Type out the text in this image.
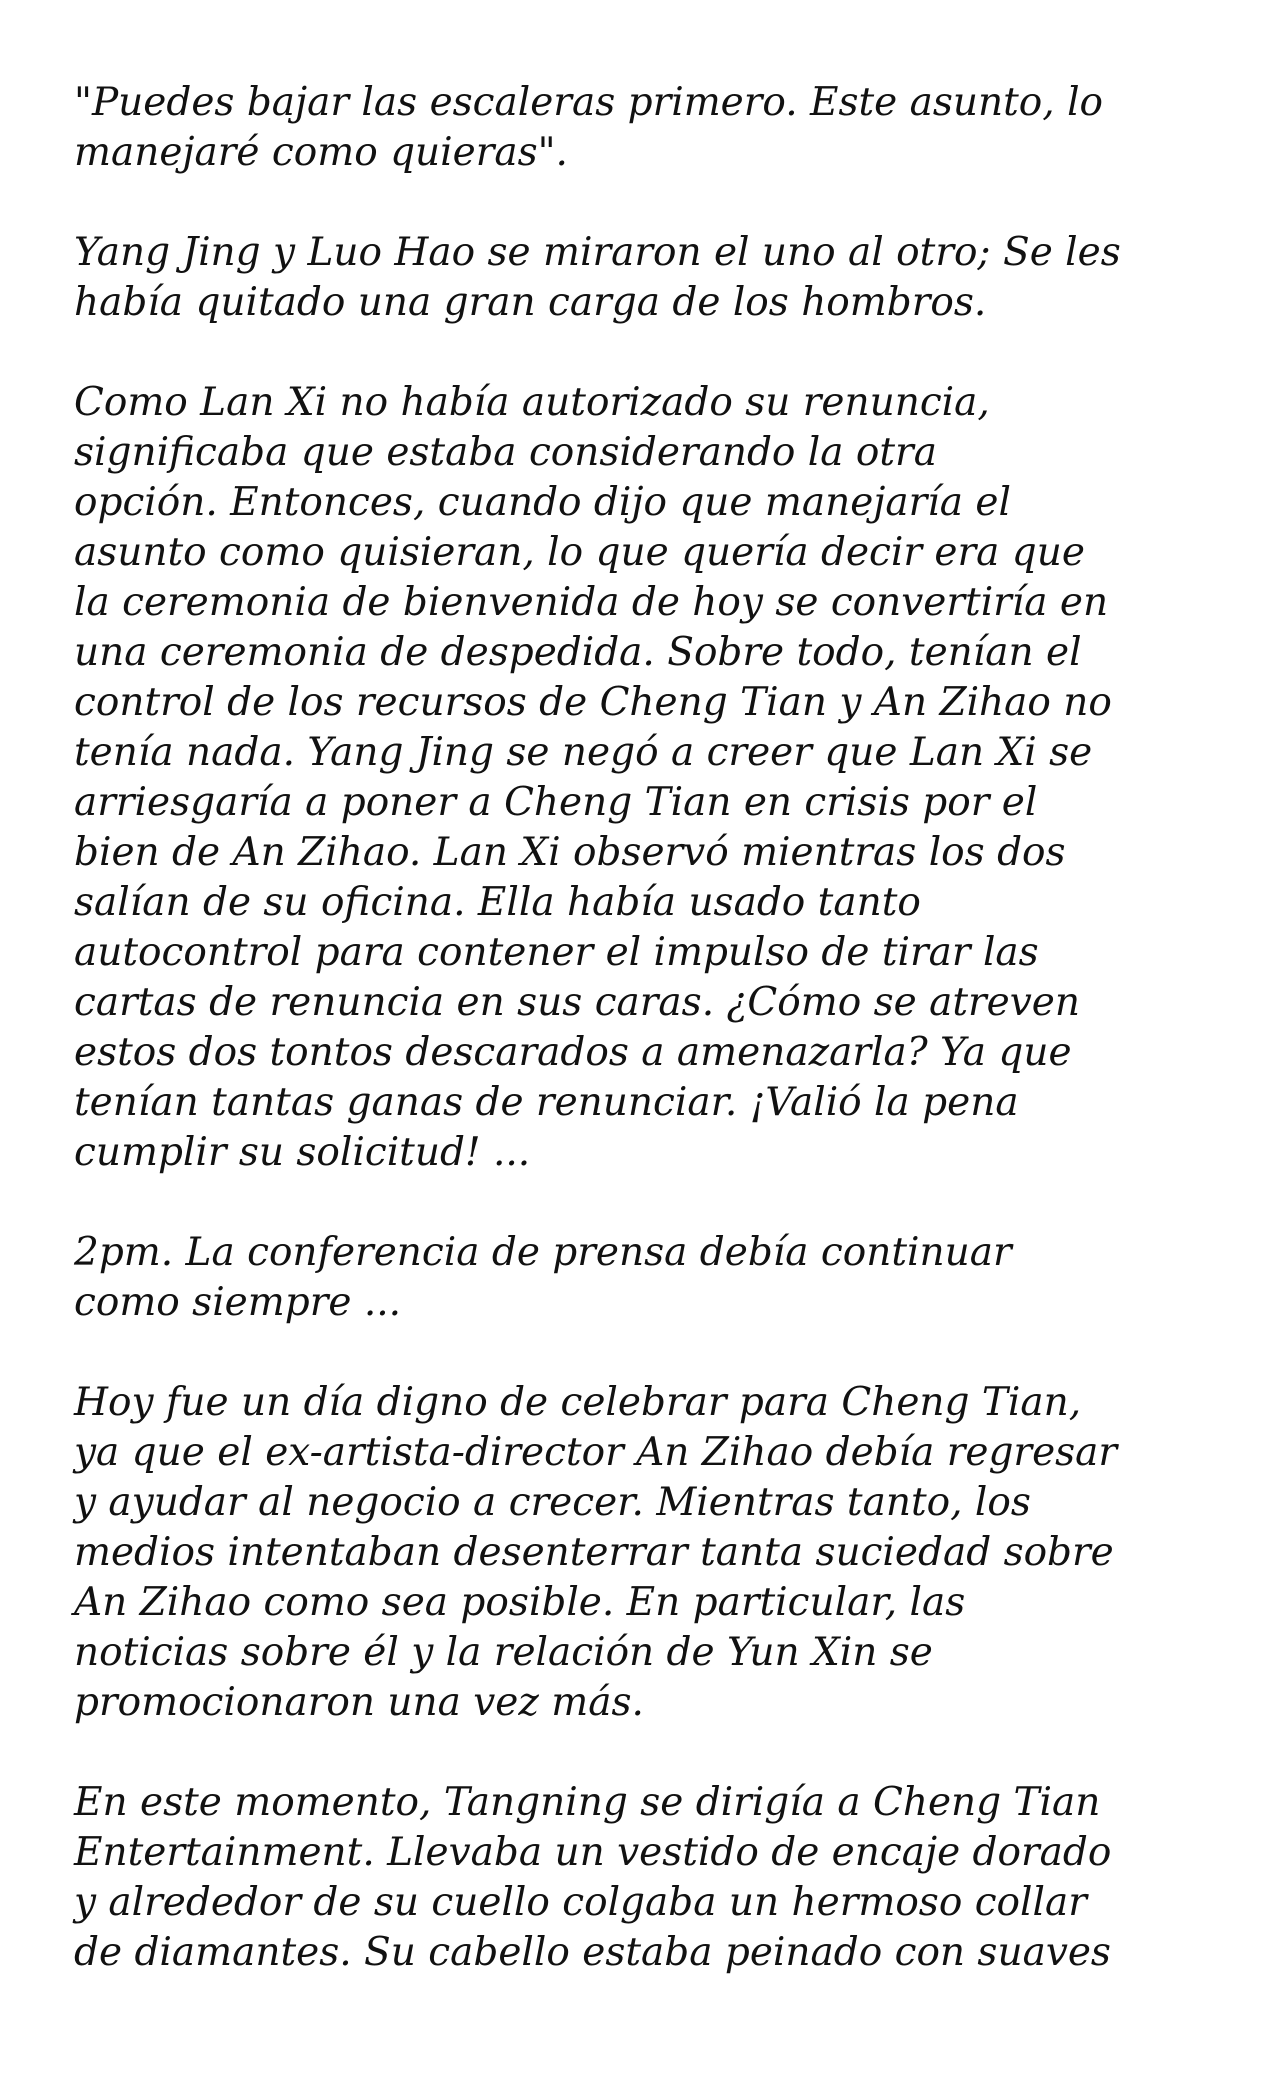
"Puedes bajar las escaleras primero. Este asunto, lo
manejaré como quieras".

Yang Jing y Luo Hao se miraron el uno al otro; Se les
había quitado una gran carga de los hombros.

Como Lan Xi no había autorizado su renuncia,
significaba que estaba considerando la otra
opción. Entonces, cuando dijo que manejaría el
asunto como quisieran, lo que quería decir era que
la ceremonia de bienvenida de hoy se convertiría en
una ceremonia de despedida. Sobre todo, tenían el
control de los recursos de Cheng Tian y An Zihao no
tenía nada. Yang Jing se negó a creer que Lan Xi se
arriesgaría a poner a Cheng Tian en crisis por el
bien de An Zihao. Lan Xi observó mientras los dos
salían de su oficina. Ella había usado tanto
autocontrol para contener el impulso de tirar las
cartas de renuncia en sus caras. ¿Cómo se atreven
estos dos tontos descarados a amenazarla? Ya que
tenían tantas ganas de renunciar. ¡Valió la pena
cumplir su solicitud! ...

2pm. La conferencia de prensa debía continuar
como siempre ...

Hoy fue un día digno de celebrar para Cheng Tian,
ya que el ex-artista-director An Zihao debía regresar
y ayudar al negocio a crecer. Mientras tanto, los
medios intentaban desenterrar tanta suciedad sobre
An Zihao como sea posible. En particular, las
noticias sobre él y la relación de Yun Xin se
promocionaron una vez más.

En este momento, Tangning se dirigía a Cheng Tian
Entertainment. Llevaba un vestido de encaje dorado
y alrededor de su cuello colgaba un hermoso collar
de diamantes. Su cabello estaba peinado con suaves
